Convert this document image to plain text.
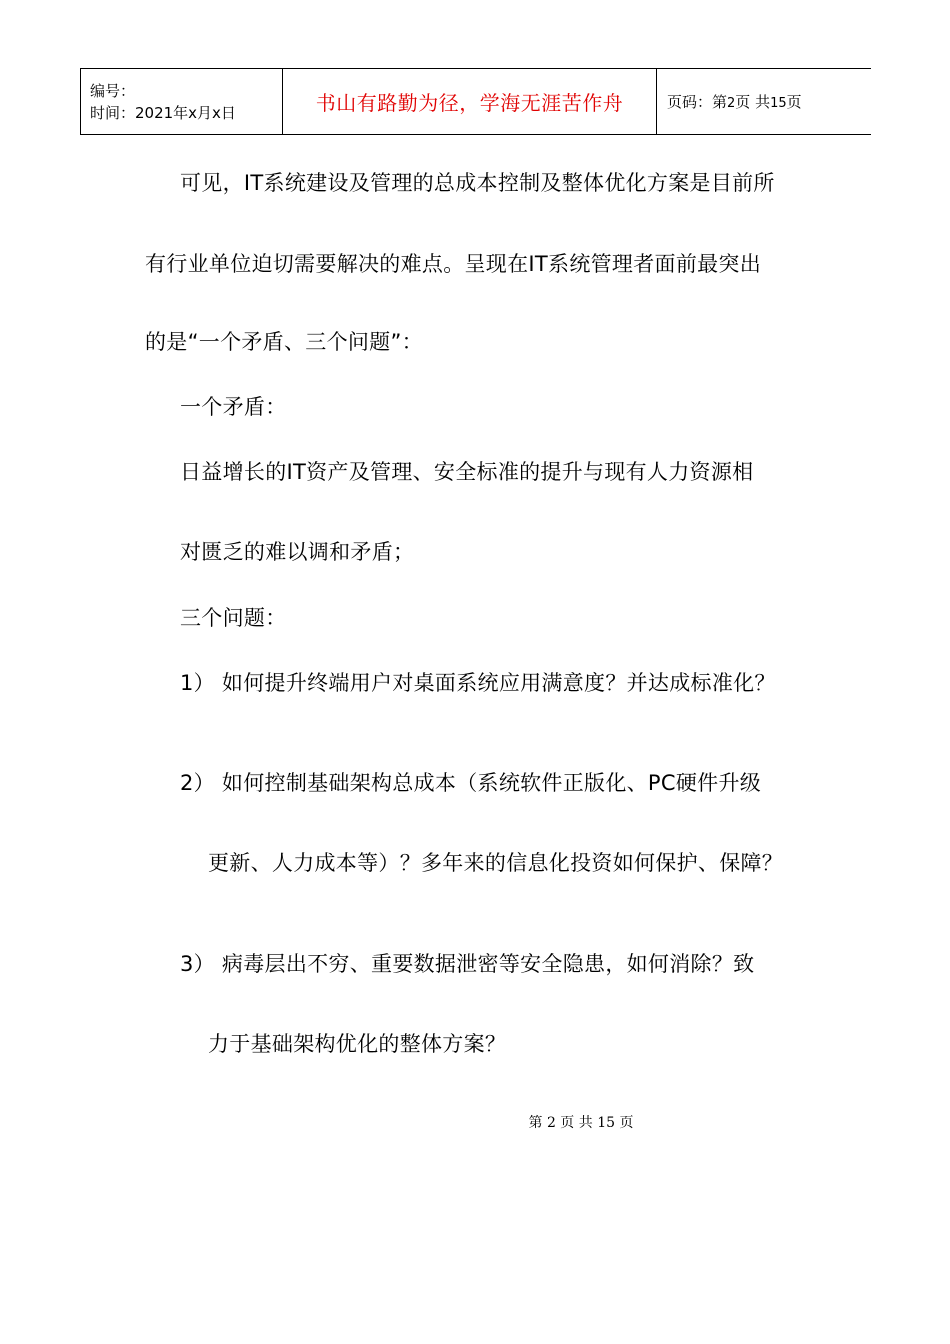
编号：
时间：2021年x月x日	书山有路勤为径，学海无涯苦作舟	页码：第2页 共15页
可见，IT系统建设及管理的总成本控制及整体优化方案是目前所
有行业单位迫切需要解决的难点。呈现在IT系统管理者面前最突出
的是“一个矛盾、三个问题”：
一个矛盾：
日益增长的IT资产及管理、安全标准的提升与现有人力资源相
对匮乏的难以调和矛盾；
三个问题：
1） 如何提升终端用户对桌面系统应用满意度？并达成标准化？
2） 如何控制基础架构总成本（系统软件正版化、PC硬件升级
更新、人力成本等）？多年来的信息化投资如何保护、保障？
3） 病毒层出不穷、重要数据泄密等安全隐患，如何消除？致
力于基础架构优化的整体方案？
第 2 页 共 15 页
